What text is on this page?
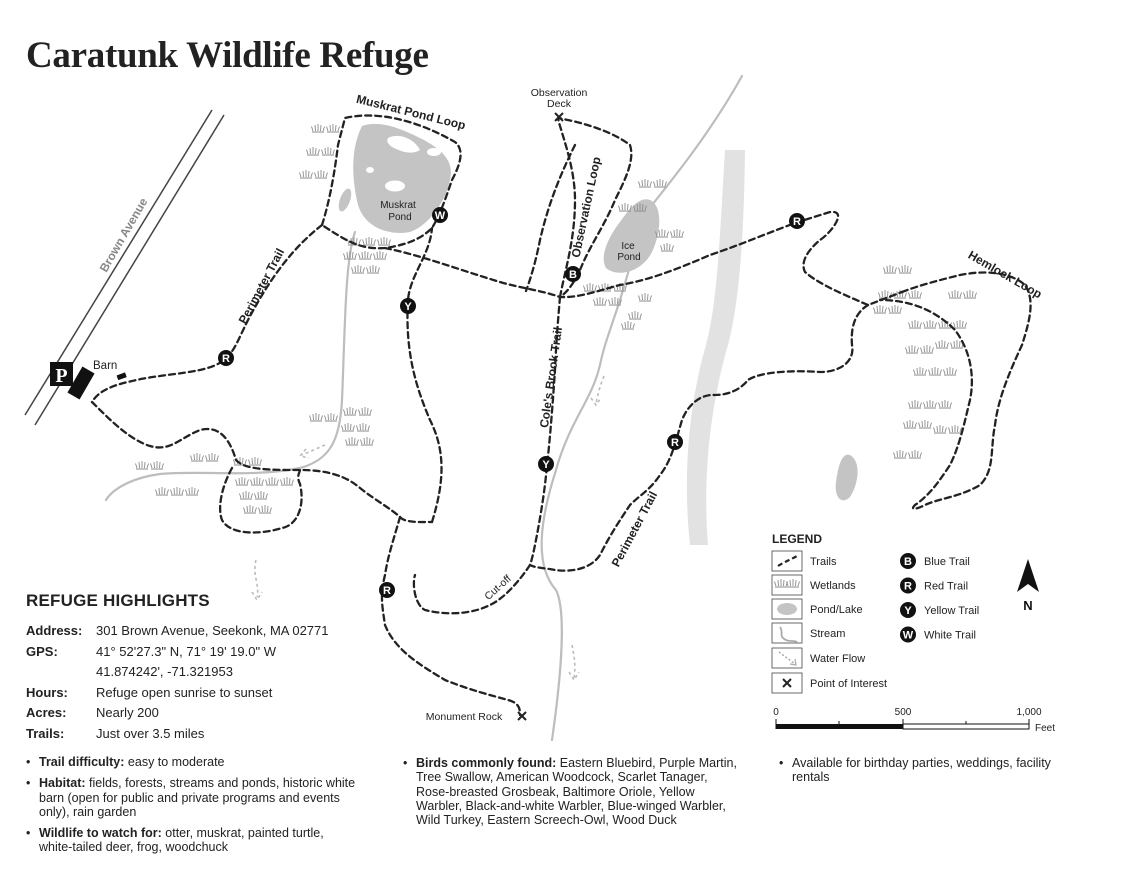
Brown Avenue
POWER LINES
Muskrat Pond
Ice Pond
Muskrat Pond Loop
Observation Loop
Hemlock Loop
Perimeter Trail
Perimeter Trail
Cole's Brook Trail
Cut-off
Observation Deck
Monument Rock
P Barn
W
B
R
R
Y
Y
R
R
LEGEND
Trails
Wetlands
Pond/Lake
Stream
Water Flow
Point of Interest
B Blue Trail
R Red Trail
Y Yellow Trail
W White Trail
N
0	500	1,000
Feet
Caratunk Wildlife Refuge
REFUGE HIGHLIGHTS
Address:	301 Brown Avenue, Seekonk, MA 02771
GPS:	41° 52'27.3" N, 71° 19' 19.0" W
41.874242', -71.321953
Hours:	Refuge open sunrise to sunset
Acres:	Nearly 200
Trails:	Just over 3.5 miles
• Trail difficulty: easy to moderate
• Habitat: fields, forests, streams and ponds, historic white barn (open for public and private programs and events only), rain garden
• Wildlife to watch for: otter, muskrat, painted turtle, white-tailed deer, frog, woodchuck
• Birds commonly found: Eastern Bluebird, Purple Martin, Tree Swallow, American Woodcock, Scarlet Tanager, Rose-breasted Grosbeak, Baltimore Oriole, Yellow Warbler, Black-and-white Warbler, Blue-winged Warbler, Wild Turkey, Eastern Screech-Owl, Wood Duck
• Available for birthday parties, weddings, facility rentals
